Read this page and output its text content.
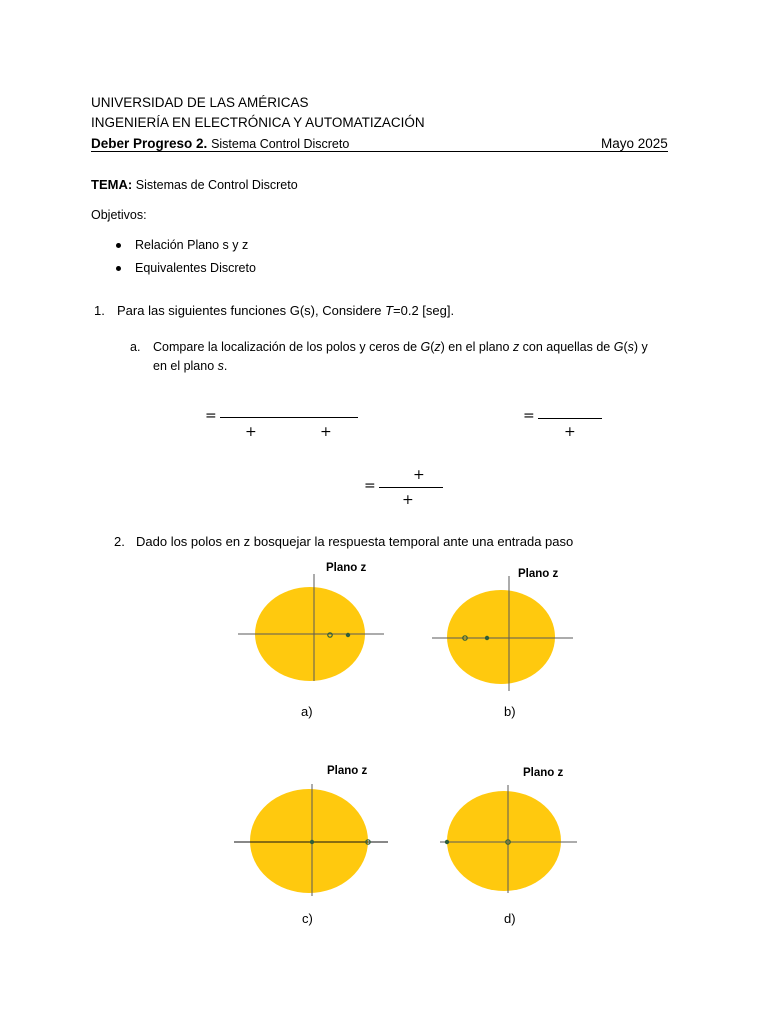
UNIVERSIDAD DE LAS AMÉRICAS
INGENIERÍA EN ELECTRÓNICA Y AUTOMATIZACIÓN
Deber Progreso 2. Sistema Control Discreto	Mayo 2025
TEMA: Sistemas de Control Discreto
Objetivos:
Relación Plano s y z
Equivalentes Discreto
1. Para las siguientes funciones G(s), Considere T=0.2 [seg].
a. Compare la localización de los polos y ceros de G(z) en el plano z con aquellas de G(s) y
en el plano s.
=
+	+
=
+
+
=
+
2. Dado los polos en z bosquejar la respuesta temporal ante una entrada paso
Plano z
a)
Plano z
b)
Plano z
c)
Plano z
d)
